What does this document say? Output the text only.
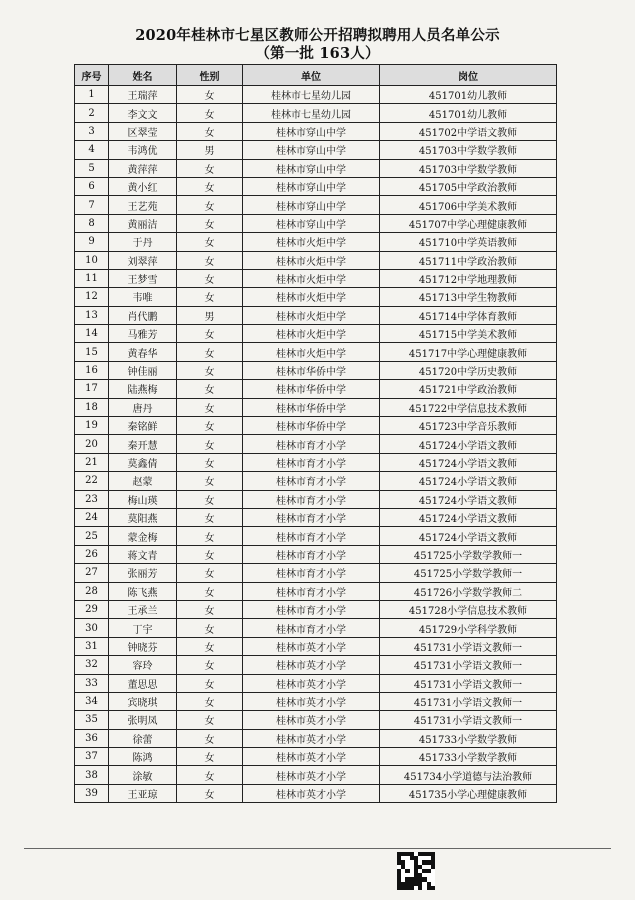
2020年桂林市七星区教师公开招聘拟聘用人员名单公示
（第一批 163人）
序号	姓名	性别	单位	岗位
1	王瑞萍	女	桂林市七星幼儿园	451701幼儿教师
2	李文文	女	桂林市七星幼儿园	451701幼儿教师
3	区翠莹	女	桂林市穿山中学	451702中学语文教师
4	韦鸿优	男	桂林市穿山中学	451703中学数学教师
5	黄萍萍	女	桂林市穿山中学	451703中学数学教师
6	黄小红	女	桂林市穿山中学	451705中学政治教师
7	王艺苑	女	桂林市穿山中学	451706中学美术教师
8	黄丽洁	女	桂林市穿山中学	451707中学心理健康教师
9	于丹	女	桂林市火炬中学	451710中学英语教师
10	刘翠萍	女	桂林市火炬中学	451711中学政治教师
11	王梦雪	女	桂林市火炬中学	451712中学地理教师
12	韦唯	女	桂林市火炬中学	451713中学生物教师
13	肖代鹏	男	桂林市火炬中学	451714中学体育教师
14	马雅芳	女	桂林市火炬中学	451715中学美术教师
15	黄春华	女	桂林市火炬中学	451717中学心理健康教师
16	钟佳丽	女	桂林市华侨中学	451720中学历史教师
17	陆燕梅	女	桂林市华侨中学	451721中学政治教师
18	唐丹	女	桂林市华侨中学	451722中学信息技术教师
19	秦铭鲜	女	桂林市华侨中学	451723中学音乐教师
20	秦开慧	女	桂林市育才小学	451724小学语文教师
21	莫鑫倩	女	桂林市育才小学	451724小学语文教师
22	赵蒙	女	桂林市育才小学	451724小学语文教师
23	梅山瑛	女	桂林市育才小学	451724小学语文教师
24	莫阳燕	女	桂林市育才小学	451724小学语文教师
25	蒙金梅	女	桂林市育才小学	451724小学语文教师
26	蒋文青	女	桂林市育才小学	451725小学数学教师一
27	张丽芳	女	桂林市育才小学	451725小学数学教师一
28	陈飞燕	女	桂林市育才小学	451726小学数学教师二
29	王承兰	女	桂林市育才小学	451728小学信息技术教师
30	丁宇	女	桂林市育才小学	451729小学科学教师
31	钟晓芬	女	桂林市英才小学	451731小学语文教师一
32	容玲	女	桂林市英才小学	451731小学语文教师一
33	董思思	女	桂林市英才小学	451731小学语文教师一
34	宾晓琪	女	桂林市英才小学	451731小学语文教师一
35	张明凤	女	桂林市英才小学	451731小学语文教师一
36	徐蕾	女	桂林市英才小学	451733小学数学教师
37	陈鸿	女	桂林市英才小学	451733小学数学教师
38	涂敏	女	桂林市英才小学	451734小学道德与法治教师
39	王亚琼	女	桂林市英才小学	451735小学心理健康教师
